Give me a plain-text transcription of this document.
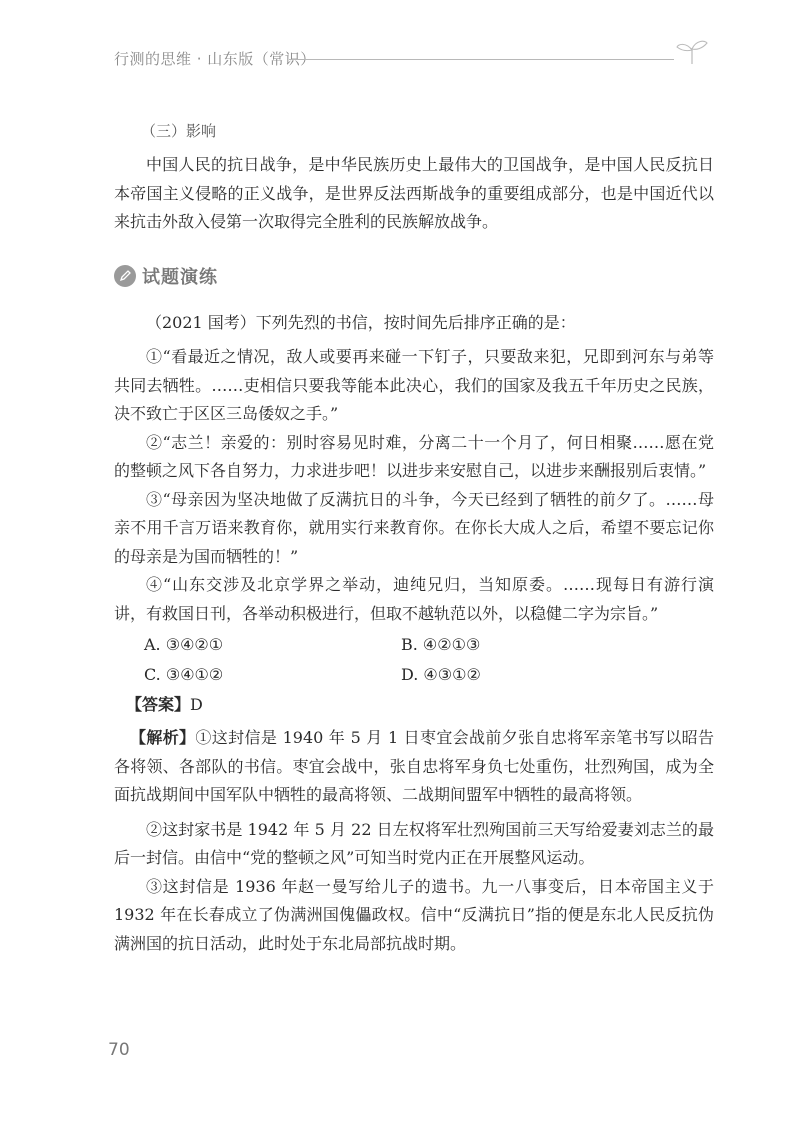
行测的思维 · 山东版（常识）
（三）影响

中国人民的抗日战争，是中华民族历史上最伟大的卫国战争，是中国人民反抗日本帝国主义侵略的正义战争，是世界反法西斯战争的重要组成部分，也是中国近代以来抗击外敌入侵第一次取得完全胜利的民族解放战争。

试题演练

（2021 国考）下列先烈的书信，按时间先后排序正确的是：

①“看最近之情况，敌人或要再来碰一下钉子，只要敌来犯，兄即到河东与弟等共同去牺牲。……吏相信只要我等能本此决心，我们的国家及我五千年历史之民族，决不致亡于区区三岛倭奴之手。”

②“志兰！亲爱的：别时容易见时难，分离二十一个月了，何日相聚……愿在党的整顿之风下各自努力，力求进步吧！以进步来安慰自己，以进步来酬报别后衷情。”

③“母亲因为坚决地做了反满抗日的斗争，今天已经到了牺牲的前夕了。……母亲不用千言万语来教育你，就用实行来教育你。在你长大成人之后，希望不要忘记你的母亲是为国而牺牲的！”

④“山东交涉及北京学界之举动，迪纯兄归，当知原委。……现每日有游行演讲，有救国日刊，各举动积极进行，但取不越轨范以外，以稳健二字为宗旨。”

A. ③④②①	B. ④②①③
C. ③④①②	D. ④③①②
【答案】D

【解析】①这封信是 1940 年 5 月 1 日枣宜会战前夕张自忠将军亲笔书写以昭告各将领、各部队的书信。枣宜会战中，张自忠将军身负七处重伤，壮烈殉国，成为全面抗战期间中国军队中牺牲的最高将领、二战期间盟军中牺牲的最高将领。

②这封家书是 1942 年 5 月 22 日左权将军壮烈殉国前三天写给爱妻刘志兰的最后一封信。由信中“党的整顿之风”可知当时党内正在开展整风运动。

③这封信是 1936 年赵一曼写给儿子的遗书。九一八事变后，日本帝国主义于 1932 年在长春成立了伪满洲国傀儡政权。信中“反满抗日”指的便是东北人民反抗伪满洲国的抗日活动，此时处于东北局部抗战时期。

70
